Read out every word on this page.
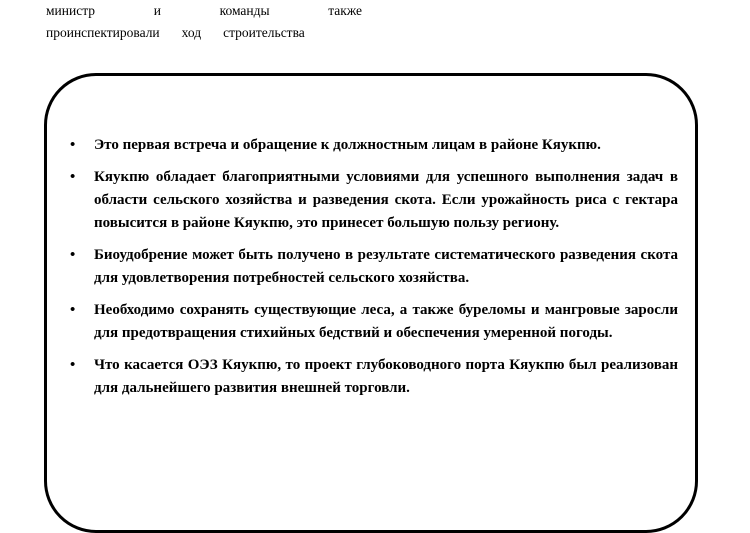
министр	и	команды	также
проинспектировали ход строительства
• Это первая встреча и обращение к должностным лицам в районе Кяукпю.
• Кяукпю обладает благоприятными условиями для успешного выполнения задач в области сельского хозяйства и разведения скота. Если урожайность риса с гектара повысится в районе Кяукпю, это принесет большую пользу региону.
• Биоудобрение может быть получено в результате систематического разведения скота для удовлетворения потребностей сельского хозяйства.
• Необходимо сохранять существующие леса, а также буреломы и мангровые заросли для предотвращения стихийных бедствий и обеспечения умеренной погоды.
• Что касается ОЭЗ Кяукпю, то проект глубоководного порта Кяукпю был реализован для дальнейшего развития внешней торговли.
